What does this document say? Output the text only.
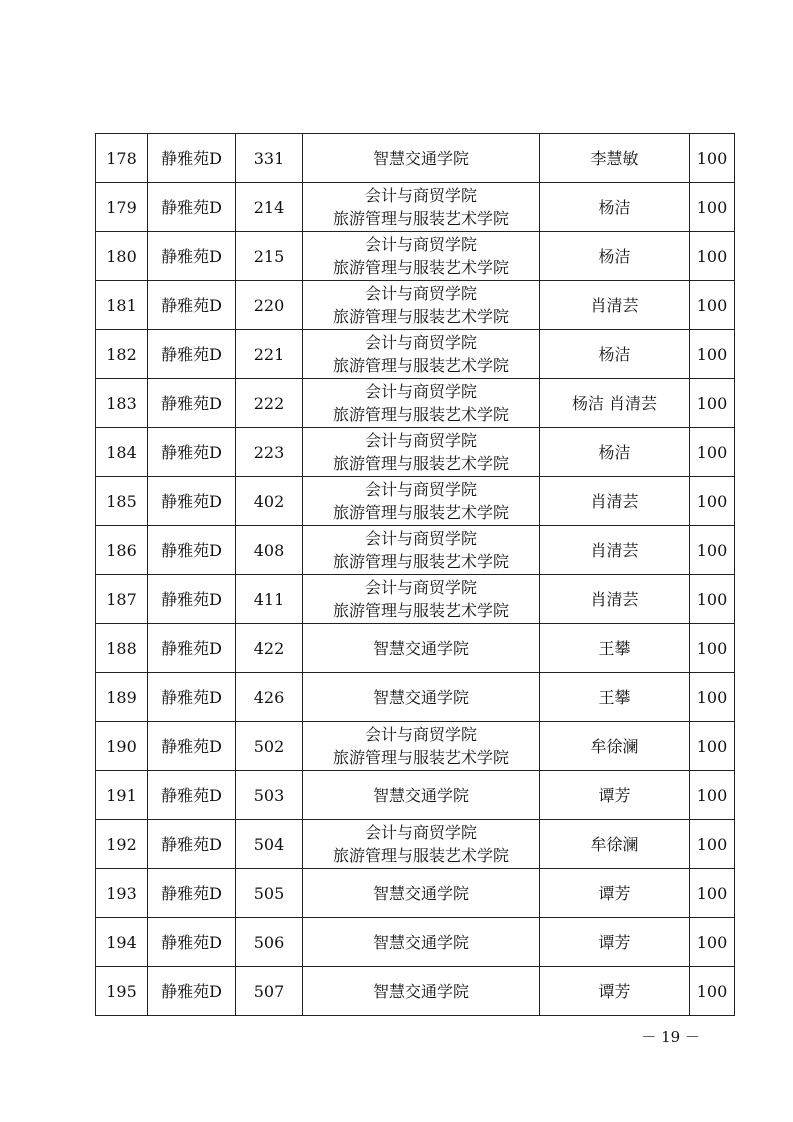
178	静雅苑D	331	智慧交通学院	李慧敏	100
179	静雅苑D	214	会计与商贸学院
旅游管理与服装艺术学院	杨洁	100
180	静雅苑D	215	会计与商贸学院
旅游管理与服装艺术学院	杨洁	100
181	静雅苑D	220	会计与商贸学院
旅游管理与服装艺术学院	肖清芸	100
182	静雅苑D	221	会计与商贸学院
旅游管理与服装艺术学院	杨洁	100
183	静雅苑D	222	会计与商贸学院
旅游管理与服装艺术学院	杨洁 肖清芸	100
184	静雅苑D	223	会计与商贸学院
旅游管理与服装艺术学院	杨洁	100
185	静雅苑D	402	会计与商贸学院
旅游管理与服装艺术学院	肖清芸	100
186	静雅苑D	408	会计与商贸学院
旅游管理与服装艺术学院	肖清芸	100
187	静雅苑D	411	会计与商贸学院
旅游管理与服装艺术学院	肖清芸	100
188	静雅苑D	422	智慧交通学院	王攀	100
189	静雅苑D	426	智慧交通学院	王攀	100
190	静雅苑D	502	会计与商贸学院
旅游管理与服装艺术学院	牟徐澜	100
191	静雅苑D	503	智慧交通学院	谭芳	100
192	静雅苑D	504	会计与商贸学院
旅游管理与服装艺术学院	牟徐澜	100
193	静雅苑D	505	智慧交通学院	谭芳	100
194	静雅苑D	506	智慧交通学院	谭芳	100
195	静雅苑D	507	智慧交通学院	谭芳	100
－ 19 －
